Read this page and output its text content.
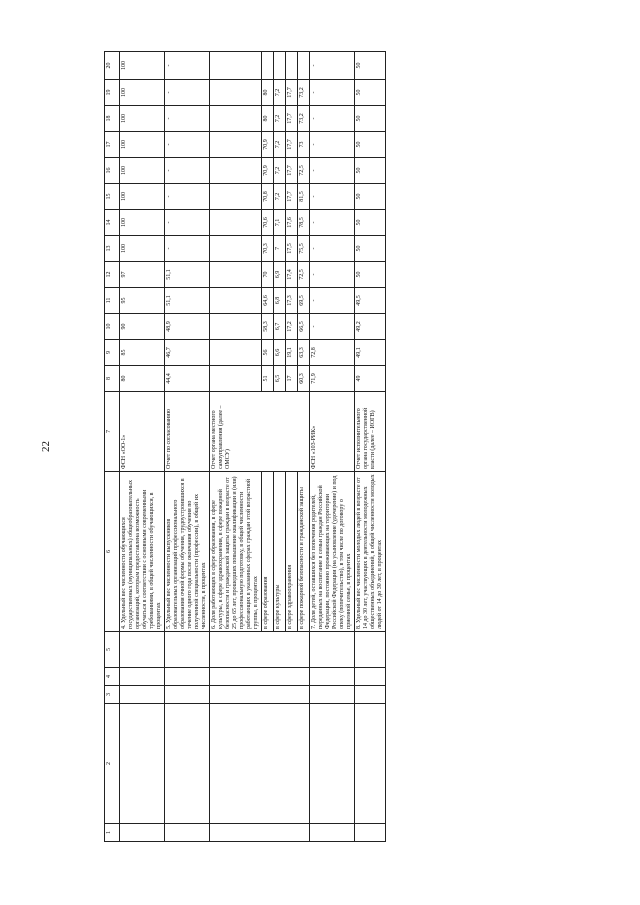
22
1	2	3	4	5	6	7	8	9	10	11	12	13	14	15	16	17	18	19	20
					4. Удельный вес численности обучающихся государственных (муниципальных) общеобразовательных организаций, которым предоставлена возможность обучаться в соответствии с основными современными требованиями, в общей численности обучающихся, в процентах	ФСН «ОО-1»	80	85	90	95	97	100	100	100	100	100	100	100	100
					5. Удельный вес численности выпускников образовательных организаций профессионального образования очной формы обучения, трудоустроившихся в течение одного года после окончания обучения по полученной специальности (профессии), в общей их численности, в процентах	Отчет по согласованию	44,4	46,7	48,9	51,1	51,1	-	-	-	-	-	-	-	-
					6. Доля работающих в сфере образования, в сфере культуры, в сфере здравоохранения, в сфере пожарной безопасности и гражданской защиты граждан в возрасте от 25 до 65 лет, прошедших повышение квалификации и (или) профессиональную подготовку, в общей численности работающих в указанных сферах граждан этой возрастной группы, в процентах	Отчет органа местного самоуправления (далее – ОМСУ)													
					в сфере образования		51	56	58,3	64,6	70	70,3	70,6	70,8	70,9	70,9	80	80	
					в сфере культуры		6,5	6,6	6,7	6,8	6,9	7	7,1	7,2	7,2	7,2	7,2	7,2	
					в сфере здравоохранения		17	19,1	17,2	17,3	17,4	17,5	17,6	17,7	17,7	17,7	17,7	17,7	
					в сфере пожарной безопасности и гражданской защиты		60,3	63,3	66,5	69,5	72,5	75,5	78,5	81,5	72,5	73	73,2	73,2	
					7. Доля детей, оставшихся без попечения родителей, переданных на воспитание в семьи граждан Российской Федерации, постоянно проживающих на территории Российской Федерации (на усыновление (удочерение) и под опеку (попечительство), в том числе по договору о приемной семье, в процентах	ФСН «103-РИК»	71,9	72,8	-	-	-	-	-	-	-	-	-	-	-
					8. Удельный вес численности молодых людей в возрасте от 14 до 30 лет, участвующих в деятельности молодежных общественных объединений, в общей численности молодых людей от 14 до 30 лет, в процентах	Отчет исполнительного органа государственной власти (далее – ИОГВ)	49	49,1	49,2	49,5	50	50	50	50	50	50	50	50	50
